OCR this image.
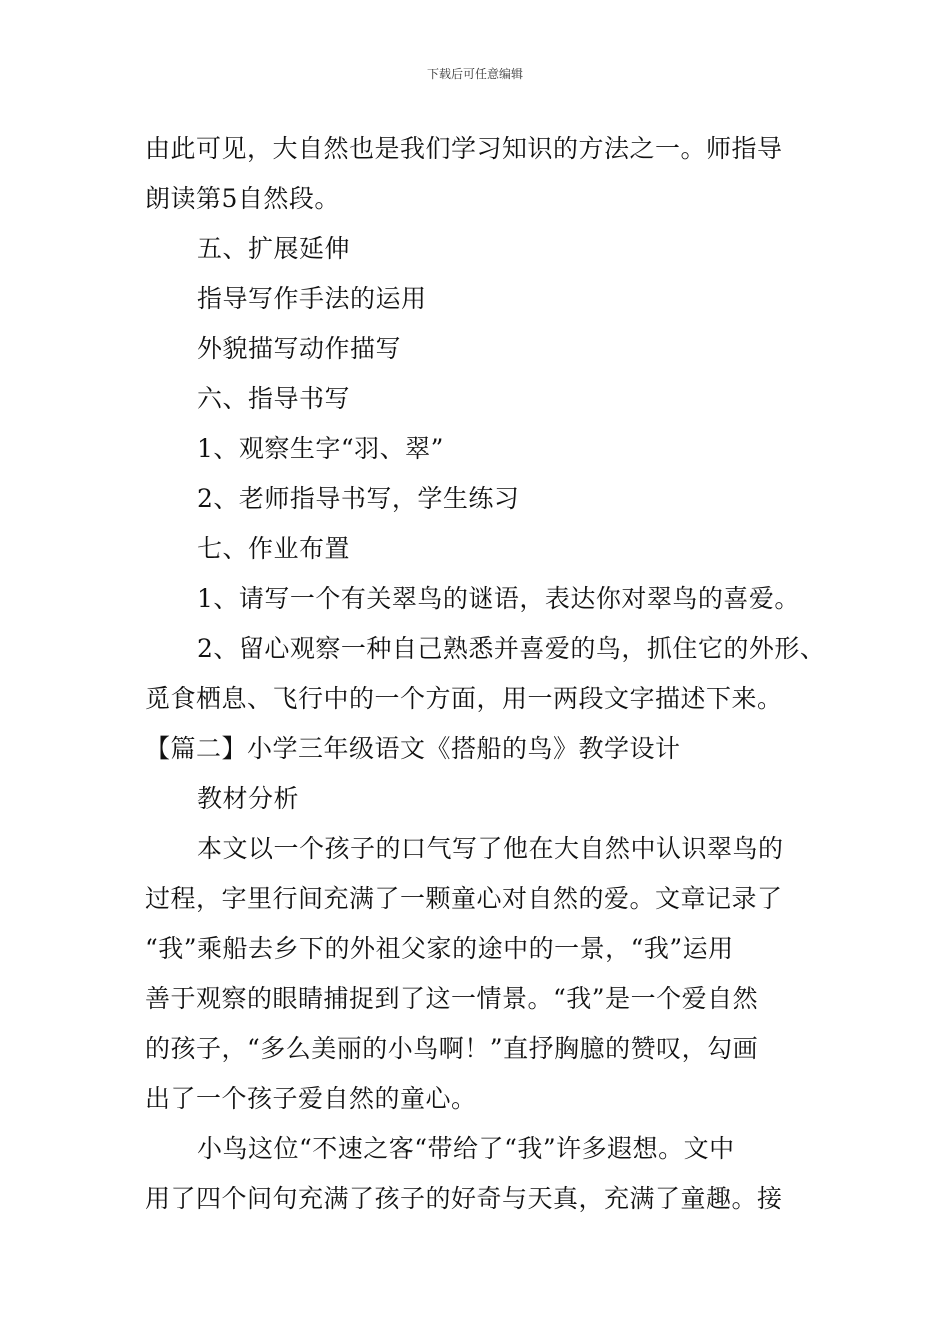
下载后可任意编辑
由此可见，大自然也是我们学习知识的方法之一。师指导
朗读第5自然段。
五、扩展延伸
指导写作手法的运用
外貌描写动作描写
六、指导书写
1、观察生字“羽、翠”
2、老师指导书写，学生练习
七、作业布置
1、请写一个有关翠鸟的谜语，表达你对翠鸟的喜爱。
2、留心观察一种自己熟悉并喜爱的鸟，抓住它的外形、
觅食栖息、飞行中的一个方面，用一两段文字描述下来。
【篇二】小学三年级语文《搭船的鸟》教学设计
教材分析
本文以一个孩子的口气写了他在大自然中认识翠鸟的
过程，字里行间充满了一颗童心对自然的爱。文章记录了
“我”乘船去乡下的外祖父家的途中的一景，“我”运用
善于观察的眼睛捕捉到了这一情景。“我”是一个爱自然
的孩子，“多么美丽的小鸟啊！”直抒胸臆的赞叹，勾画
出了一个孩子爱自然的童心。
小鸟这位“不速之客“带给了“我”许多遐想。文中
用了四个问句充满了孩子的好奇与天真，充满了童趣。接
